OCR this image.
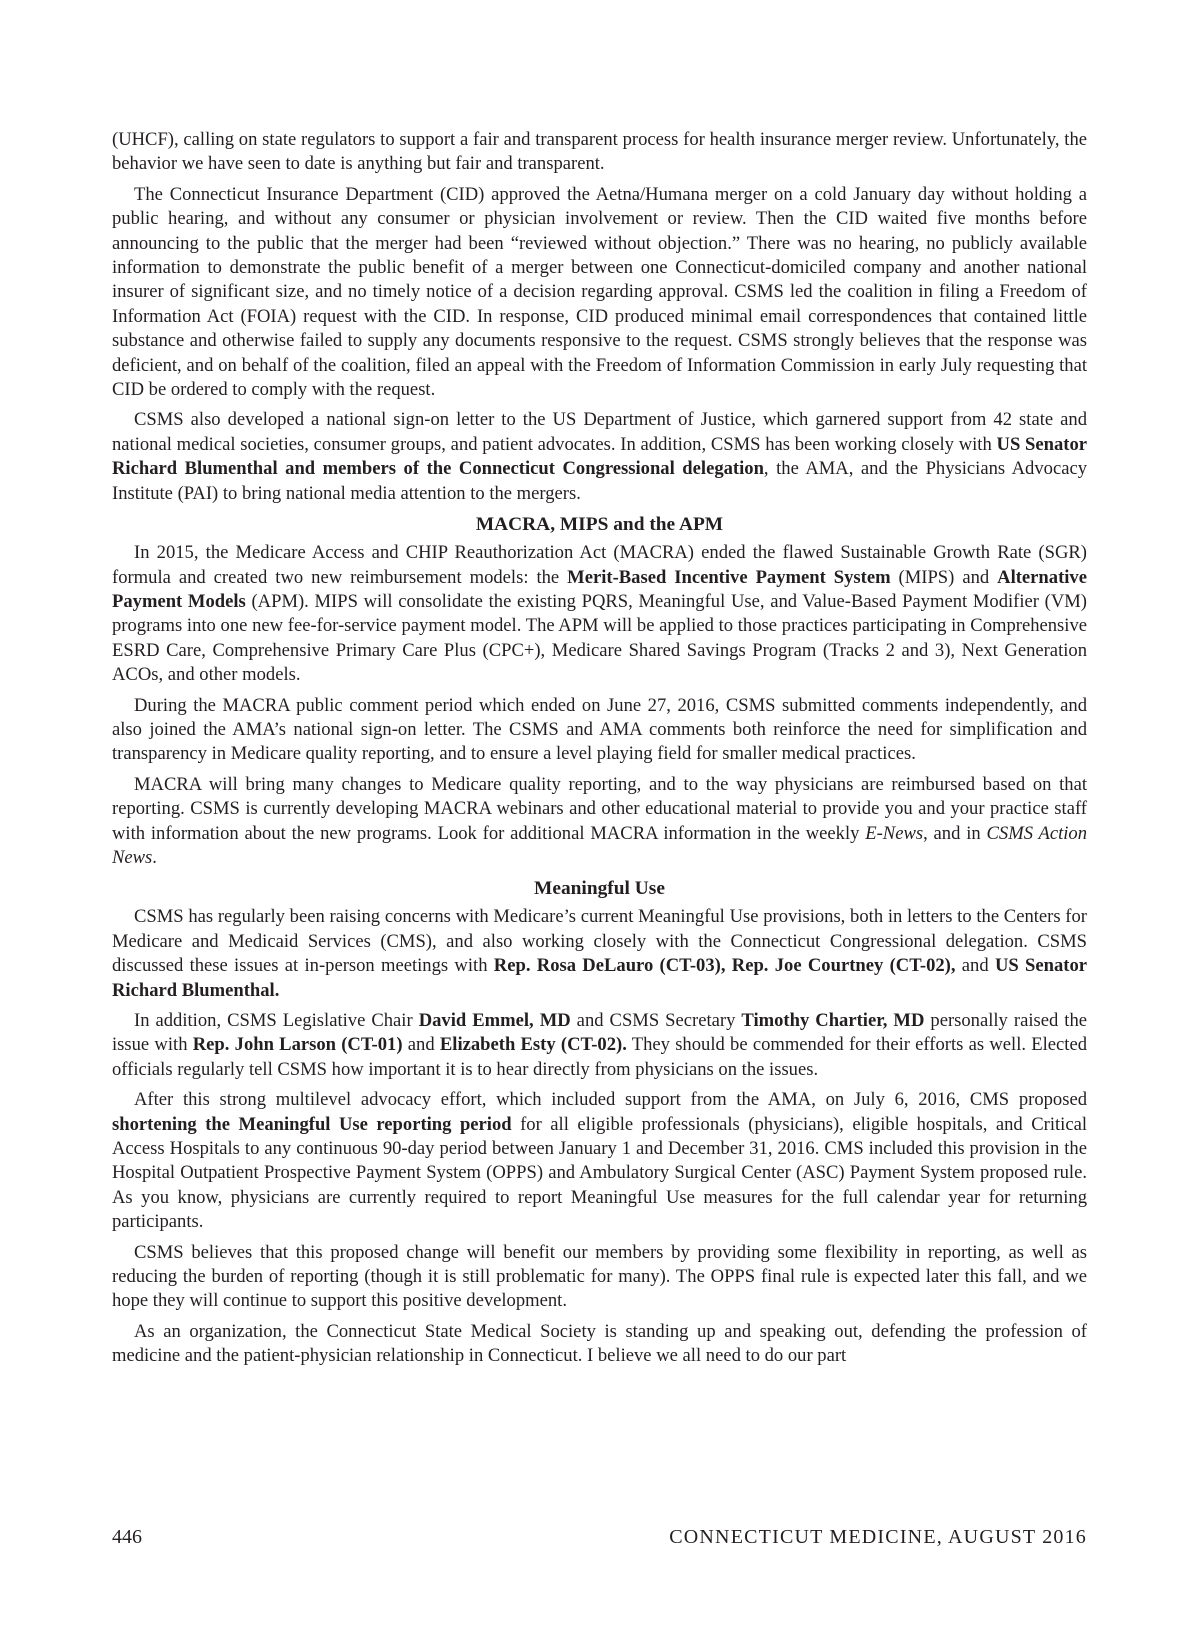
(UHCF), calling on state regulators to support a fair and transparent process for health insurance merger review. Unfortunately, the behavior we have seen to date is anything but fair and transparent.

The Connecticut Insurance Department (CID) approved the Aetna/Humana merger on a cold January day without holding a public hearing, and without any consumer or physician involvement or review. Then the CID waited five months before announcing to the public that the merger had been “reviewed without objection.” There was no hearing, no publicly available information to demonstrate the public benefit of a merger between one Connecticut-domiciled company and another national insurer of significant size, and no timely notice of a decision regarding approval. CSMS led the coalition in filing a Freedom of Information Act (FOIA) request with the CID. In response, CID produced minimal email correspondences that contained little substance and otherwise failed to supply any documents responsive to the request. CSMS strongly believes that the response was deficient, and on behalf of the coalition, filed an appeal with the Freedom of Information Commission in early July requesting that CID be ordered to comply with the request.

CSMS also developed a national sign-on letter to the US Department of Justice, which garnered support from 42 state and national medical societies, consumer groups, and patient advocates. In addition, CSMS has been working closely with US Senator Richard Blumenthal and members of the Connecticut Congressional delegation, the AMA, and the Physicians Advocacy Institute (PAI) to bring national media attention to the mergers.

MACRA, MIPS and the APM

In 2015, the Medicare Access and CHIP Reauthorization Act (MACRA) ended the flawed Sustainable Growth Rate (SGR) formula and created two new reimbursement models: the Merit-Based Incentive Payment System (MIPS) and Alternative Payment Models (APM). MIPS will consolidate the existing PQRS, Meaningful Use, and Value-Based Payment Modifier (VM) programs into one new fee-for-service payment model. The APM will be applied to those practices participating in Comprehensive ESRD Care, Comprehensive Primary Care Plus (CPC+), Medicare Shared Savings Program (Tracks 2 and 3), Next Generation ACOs, and other models.

During the MACRA public comment period which ended on June 27, 2016, CSMS submitted comments independently, and also joined the AMA’s national sign-on letter. The CSMS and AMA comments both reinforce the need for simplification and transparency in Medicare quality reporting, and to ensure a level playing field for smaller medical practices.

MACRA will bring many changes to Medicare quality reporting, and to the way physicians are reimbursed based on that reporting. CSMS is currently developing MACRA webinars and other educational material to provide you and your practice staff with information about the new programs. Look for additional MACRA information in the weekly E-News, and in CSMS Action News.

Meaningful Use

CSMS has regularly been raising concerns with Medicare’s current Meaningful Use provisions, both in letters to the Centers for Medicare and Medicaid Services (CMS), and also working closely with the Connecticut Congressional delegation. CSMS discussed these issues at in-person meetings with Rep. Rosa DeLauro (CT-03), Rep. Joe Courtney (CT-02), and US Senator Richard Blumenthal.

In addition, CSMS Legislative Chair David Emmel, MD and CSMS Secretary Timothy Chartier, MD personally raised the issue with Rep. John Larson (CT-01) and Elizabeth Esty (CT-02). They should be commended for their efforts as well. Elected officials regularly tell CSMS how important it is to hear directly from physicians on the issues.

After this strong multilevel advocacy effort, which included support from the AMA, on July 6, 2016, CMS proposed shortening the Meaningful Use reporting period for all eligible professionals (physicians), eligible hospitals, and Critical Access Hospitals to any continuous 90-day period between January 1 and December 31, 2016. CMS included this provision in the Hospital Outpatient Prospective Payment System (OPPS) and Ambulatory Surgical Center (ASC) Payment System proposed rule. As you know, physicians are currently required to report Meaningful Use measures for the full calendar year for returning participants.

CSMS believes that this proposed change will benefit our members by providing some flexibility in reporting, as well as reducing the burden of reporting (though it is still problematic for many). The OPPS final rule is expected later this fall, and we hope they will continue to support this positive development.

As an organization, the Connecticut State Medical Society is standing up and speaking out, defending the profession of medicine and the patient-physician relationship in Connecticut. I believe we all need to do our part

446	CONNECTICUT MEDICINE, AUGUST 2016
